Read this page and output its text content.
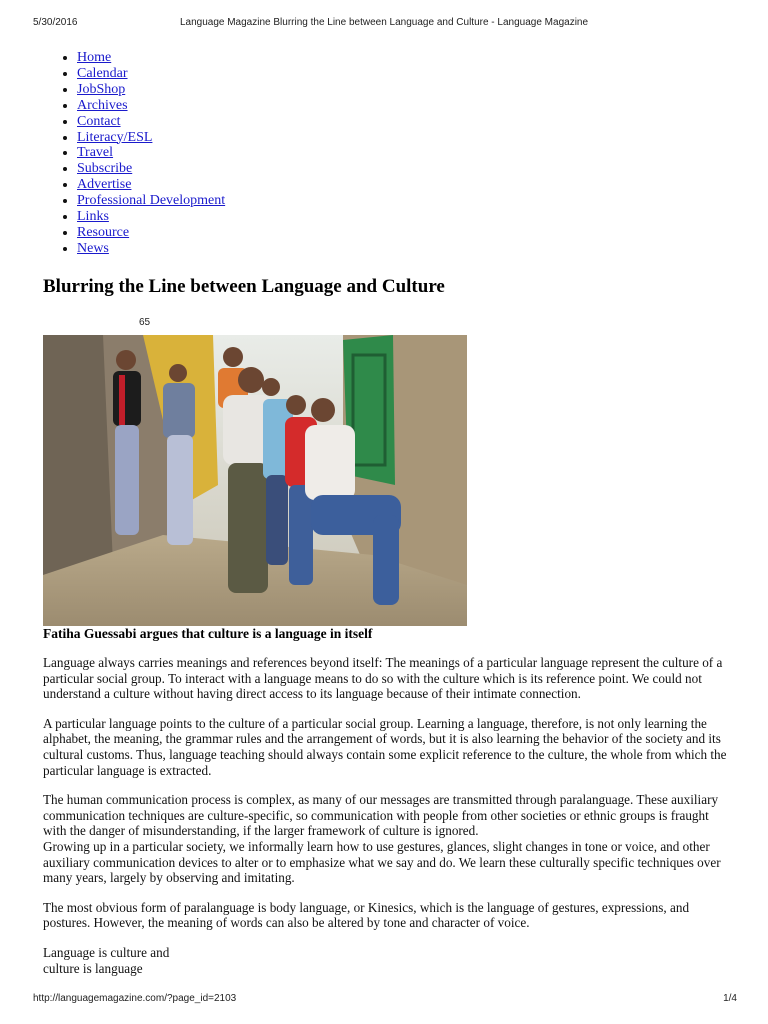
5/30/2016	Language Magazine Blurring the Line between Language and Culture - Language Magazine
• Home
• Calendar
• JobShop
• Archives
• Contact
• Literacy/ESL
• Travel
• Subscribe
• Advertise
• Professional Development
• Links
• Resource
• News
Blurring the Line between Language and Culture
65
Fatiha Guessabi argues that culture is a language in itself

Language always carries meanings and references beyond itself: The meanings of a particular language represent the culture of a particular social group. To interact with a language means to do so with the culture which is its reference point. We could not understand a culture without having direct access to its language because of their intimate connection.

A particular language points to the culture of a particular social group. Learning a language, therefore, is not only learning the alphabet, the meaning, the grammar rules and the arrangement of words, but it is also learning the behavior of the society and its cultural customs. Thus, language teaching should always contain some explicit reference to the culture, the whole from which the particular language is extracted.

The human communication process is complex, as many of our messages are transmitted through paralanguage. These auxiliary communication techniques are culture-specific, so communication with people from other societies or ethnic groups is fraught with the danger of misunderstanding, if the larger framework of culture is ignored.

Growing up in a particular society, we informally learn how to use gestures, glances, slight changes in tone or voice, and other auxiliary communication devices to alter or to emphasize what we say and do. We learn these culturally specific techniques over many years, largely by observing and imitating.

The most obvious form of paralanguage is body language, or Kinesics, which is the language of gestures, expressions, and postures. However, the meaning of words can also be altered by tone and character of voice.

Language is culture and

culture is language

http://languagemagazine.com/?page_id=2103	1/4
